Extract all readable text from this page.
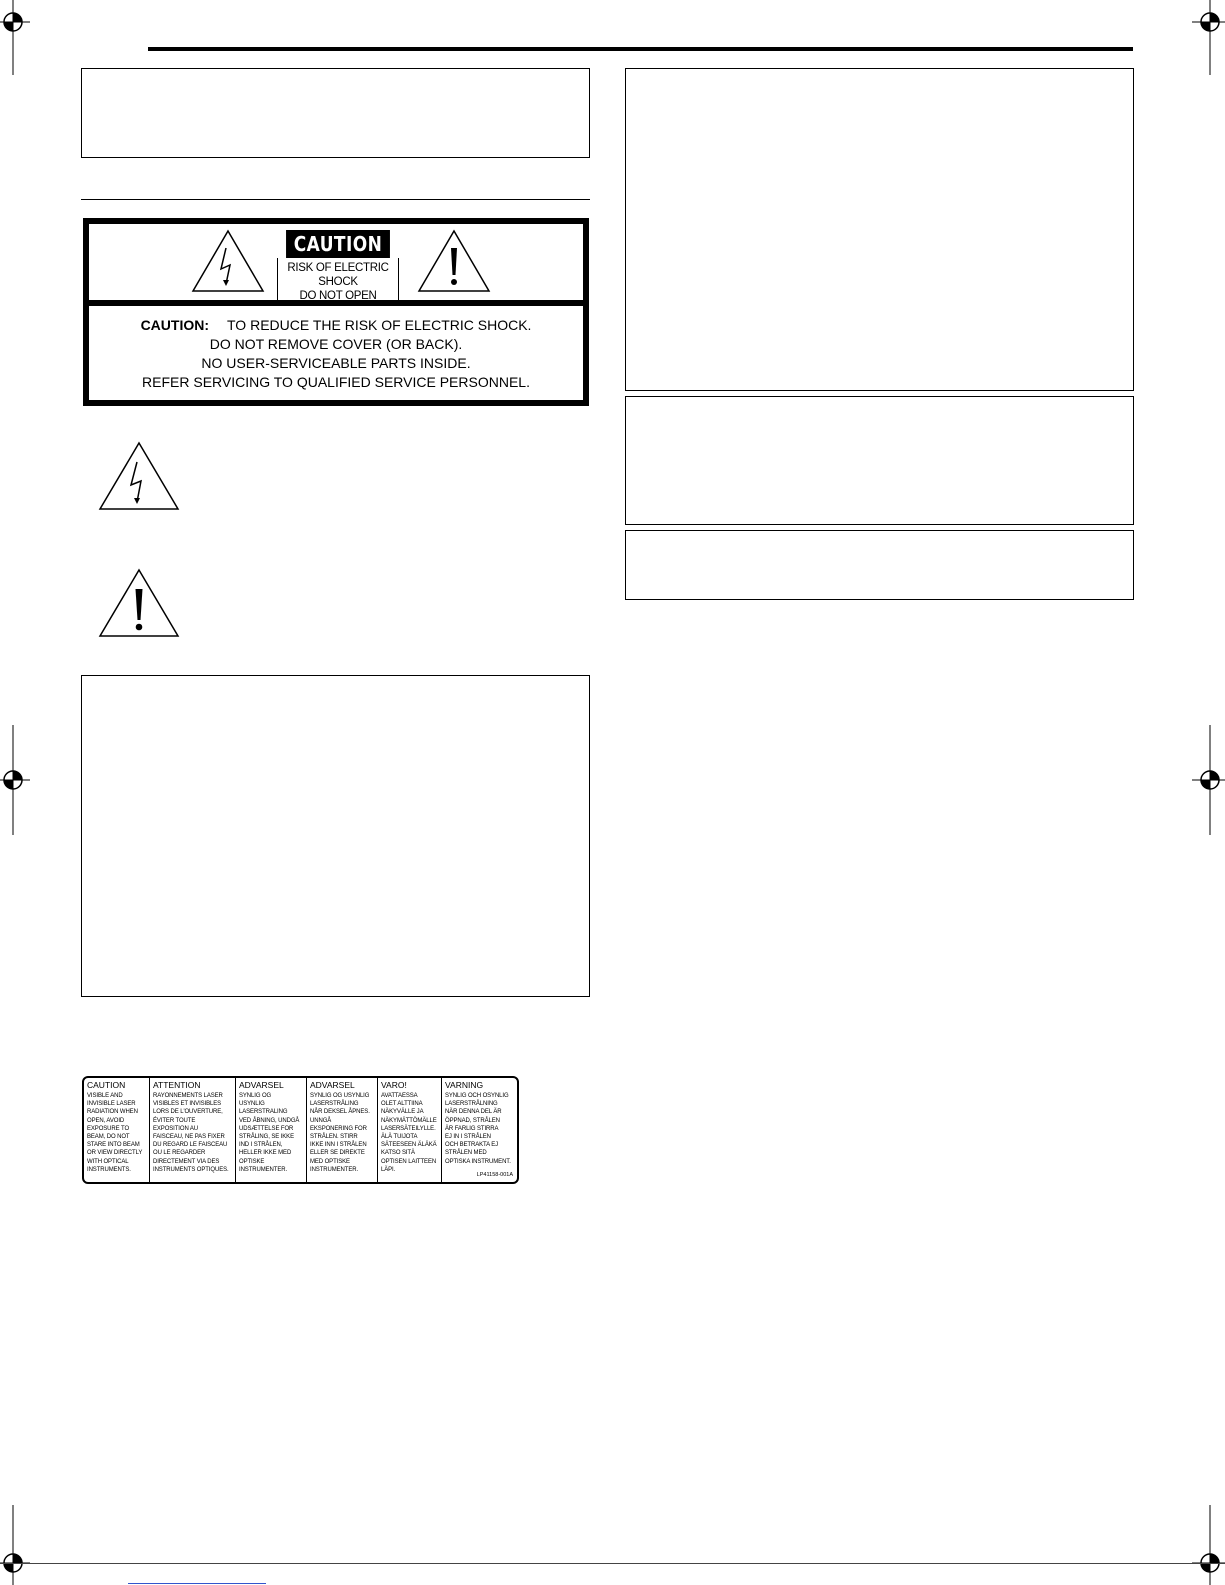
CAUTION
RISK OF ELECTRIC SHOCK
DO NOT OPEN
CAUTION: TO REDUCE THE RISK OF ELECTRIC SHOCK.
DO NOT REMOVE COVER (OR BACK).
NO USER-SERVICEABLE PARTS INSIDE.
REFER SERVICING TO QUALIFIED SERVICE PERSONNEL.
CAUTION
VISIBLE AND
INVISIBLE LASER
RADIATION WHEN
OPEN, AVOID
EXPOSURE TO
BEAM, DO NOT
STARE INTO BEAM
OR VIEW DIRECTLY
WITH OPTICAL
INSTRUMENTS.
ATTENTION
RAYONNEMENTS LASER
VISIBLES ET INVISIBLES
LORS DE L'OUVERTURE,
ÉVITER TOUTE
EXPOSITION AU
FAISCEAU, NE PAS FIXER
DU REGARD LE FAISCEAU
OU LE REGARDER
DIRECTEMENT VIA DES
INSTRUMENTS OPTIQUES.
ADVARSEL
SYNLIG OG
USYNLIG
LASERSTRALING
VED ÅBNING, UNDGÅ
UDSÆTTELSE FOR
STRÅLING, SE IKKE
IND I STRÅLEN,
HELLER IKKE MED
OPTISKE
INSTRUMENTER.
ADVARSEL
SYNLIG OG USYNLIG
LASERSTRÅLING
NÅR DEKSEL ÅPNES.
UNNGÅ
EKSPONERING FOR
STRÅLEN. STIRR
IKKE INN I STRÅLEN
ELLER SE DIREKTE
MED OPTISKE
INSTRUMENTER.
VARO!
AVATTAESSA
OLET ALTTIINA
NÄKYVÄLLE JA
NÄKYMÄTTÖMÄLLE
LASERSÄTEILYLLE.
ÄLÄ TUIJOTA
SÄTEESEEN ÄLÄKÄ
KATSO SITÄ
OPTISEN LAITTEEN
LÄPI.
VARNING
SYNLIG OCH OSYNLIG
LASERSTRÅLNING
NÄR DENNA DEL ÄR
ÖPPNAD, STRÅLEN
ÄR FARLIG STIRRA
EJ IN I STRÅLEN
OCH BETRAKTA EJ
STRÅLEN MED
OPTISKA INSTRUMENT.
LP41158-001A
